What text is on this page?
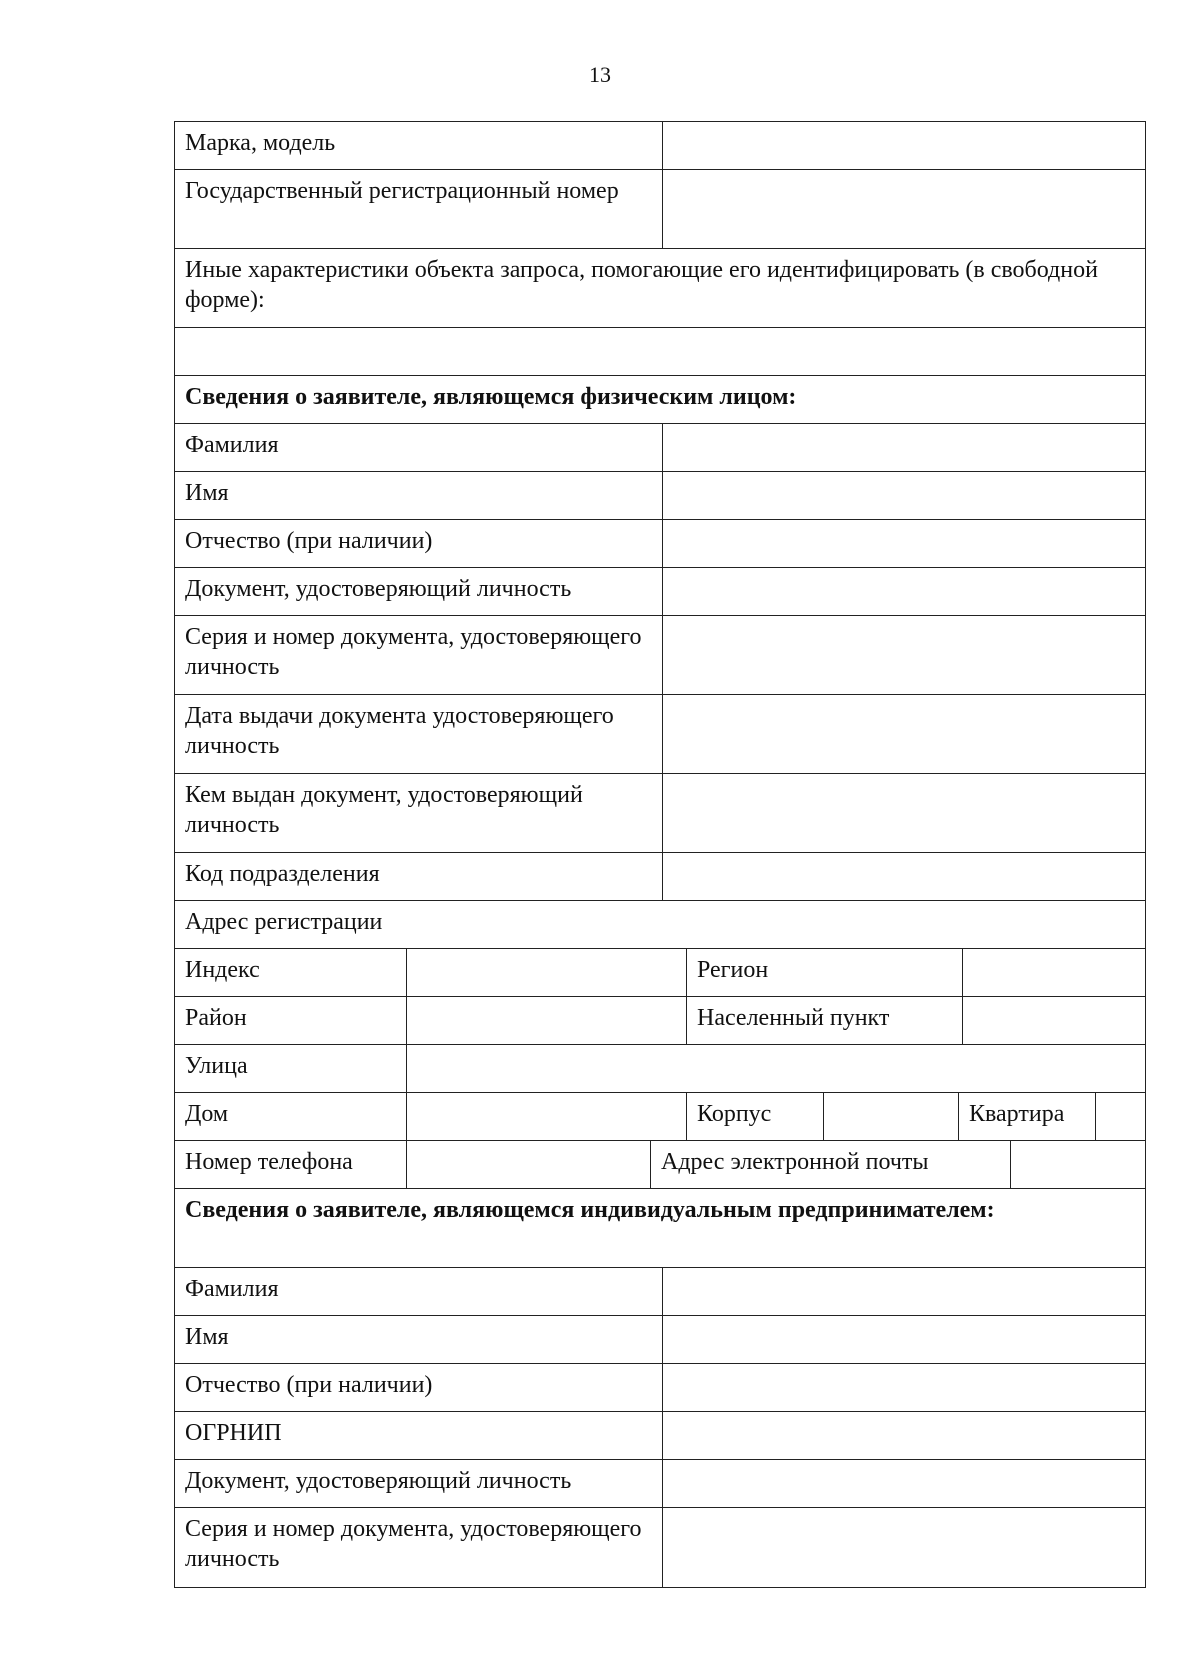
13
Марка, модель
Государственный регистрационный номер
Иные характеристики объекта запроса, помогающие его идентифицировать (в свободной форме):
Сведения о заявителе, являющемся физическим лицом:
Фамилия
Имя
Отчество (при наличии)
Документ, удостоверяющий личность
Серия и номер документа, удостоверяющего личность
Дата выдачи документа удостоверяющего личность
Кем выдан документ, удостоверяющий личность
Код подразделения
Адрес регистрации
Индекс	Регион
Район	Населенный пункт
Улица
Дом	Корпус	Квартира
Номер телефона	Адрес электронной почты
Сведения о заявителе, являющемся индивидуальным предпринимателем:
Фамилия
Имя
Отчество (при наличии)
ОГРНИП
Документ, удостоверяющий личность
Серия и номер документа, удостоверяющего личность
